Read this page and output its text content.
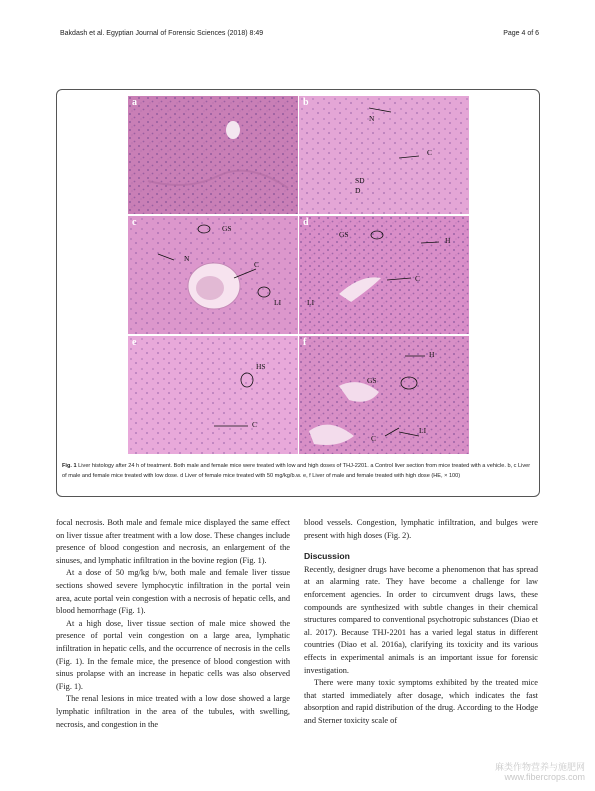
Bakdash et al. Egyptian Journal of Forensic Sciences (2018) 8:49	Page 4 of 6
a	b
N
C
SD
D
c
GS
N
C
LI
d
GS
H
C
LI
e
HS
C
f
H
GS
LI
C
Fig. 1 Liver histology after 24 h of treatment. Both male and female mice were treated with low and high doses of THJ-2201. a Control liver section from mice treated with a vehicle. b, c Liver of male and female mice treated with low dose. d Liver of female mice treated with 50 mg/kg/b.w. e, f Liver of male and female treated with high dose (HE, × 100)

focal necrosis. Both male and female mice displayed the same effect on liver tissue after treatment with a low dose. These changes include presence of blood congestion and necrosis, an enlargement of the sinuses, and lymphatic infiltration in the bovine region (Fig. 1).

At a dose of 50 mg/kg b/w, both male and female liver tissue sections showed severe lymphocytic infiltration in the portal vein area, acute portal vein congestion with a necrosis of hepatic cells, and blood hemorrhage (Fig. 1).

At a high dose, liver tissue section of male mice showed the presence of portal vein congestion on a large area, lymphatic infiltration in hepatic cells, and the occurrence of necrosis in the cells (Fig. 1). In the female mice, the presence of blood congestion with sinus prolapse with an increase in hepatic cells was also observed (Fig. 1).

The renal lesions in mice treated with a low dose showed a large lymphatic infiltration in the area of the tubules, with swelling, necrosis, and congestion in the

blood vessels. Congestion, lymphatic infiltration, and bulges were present with high doses (Fig. 2).

Discussion

Recently, designer drugs have become a phenomenon that has spread at an alarming rate. They have become a challenge for law enforcement agencies. In order to circumvent drugs laws, these compounds are synthesized with subtle changes in their chemical structures compared to conventional psychotropic substances (Diao et al. 2017). Because THJ-2201 has a varied legal status in different countries (Diao et al. 2016a), clarifying its toxicity and its various effects in experimental animals is an important issue for forensic investigation.

There were many toxic symptoms exhibited by the treated mice that started immediately after dosage, which indicates the fast absorption and rapid distribution of the drug. According to the Hodge and Sterner toxicity scale of

麻类作物营养与施肥网
www.fibercrops.com
